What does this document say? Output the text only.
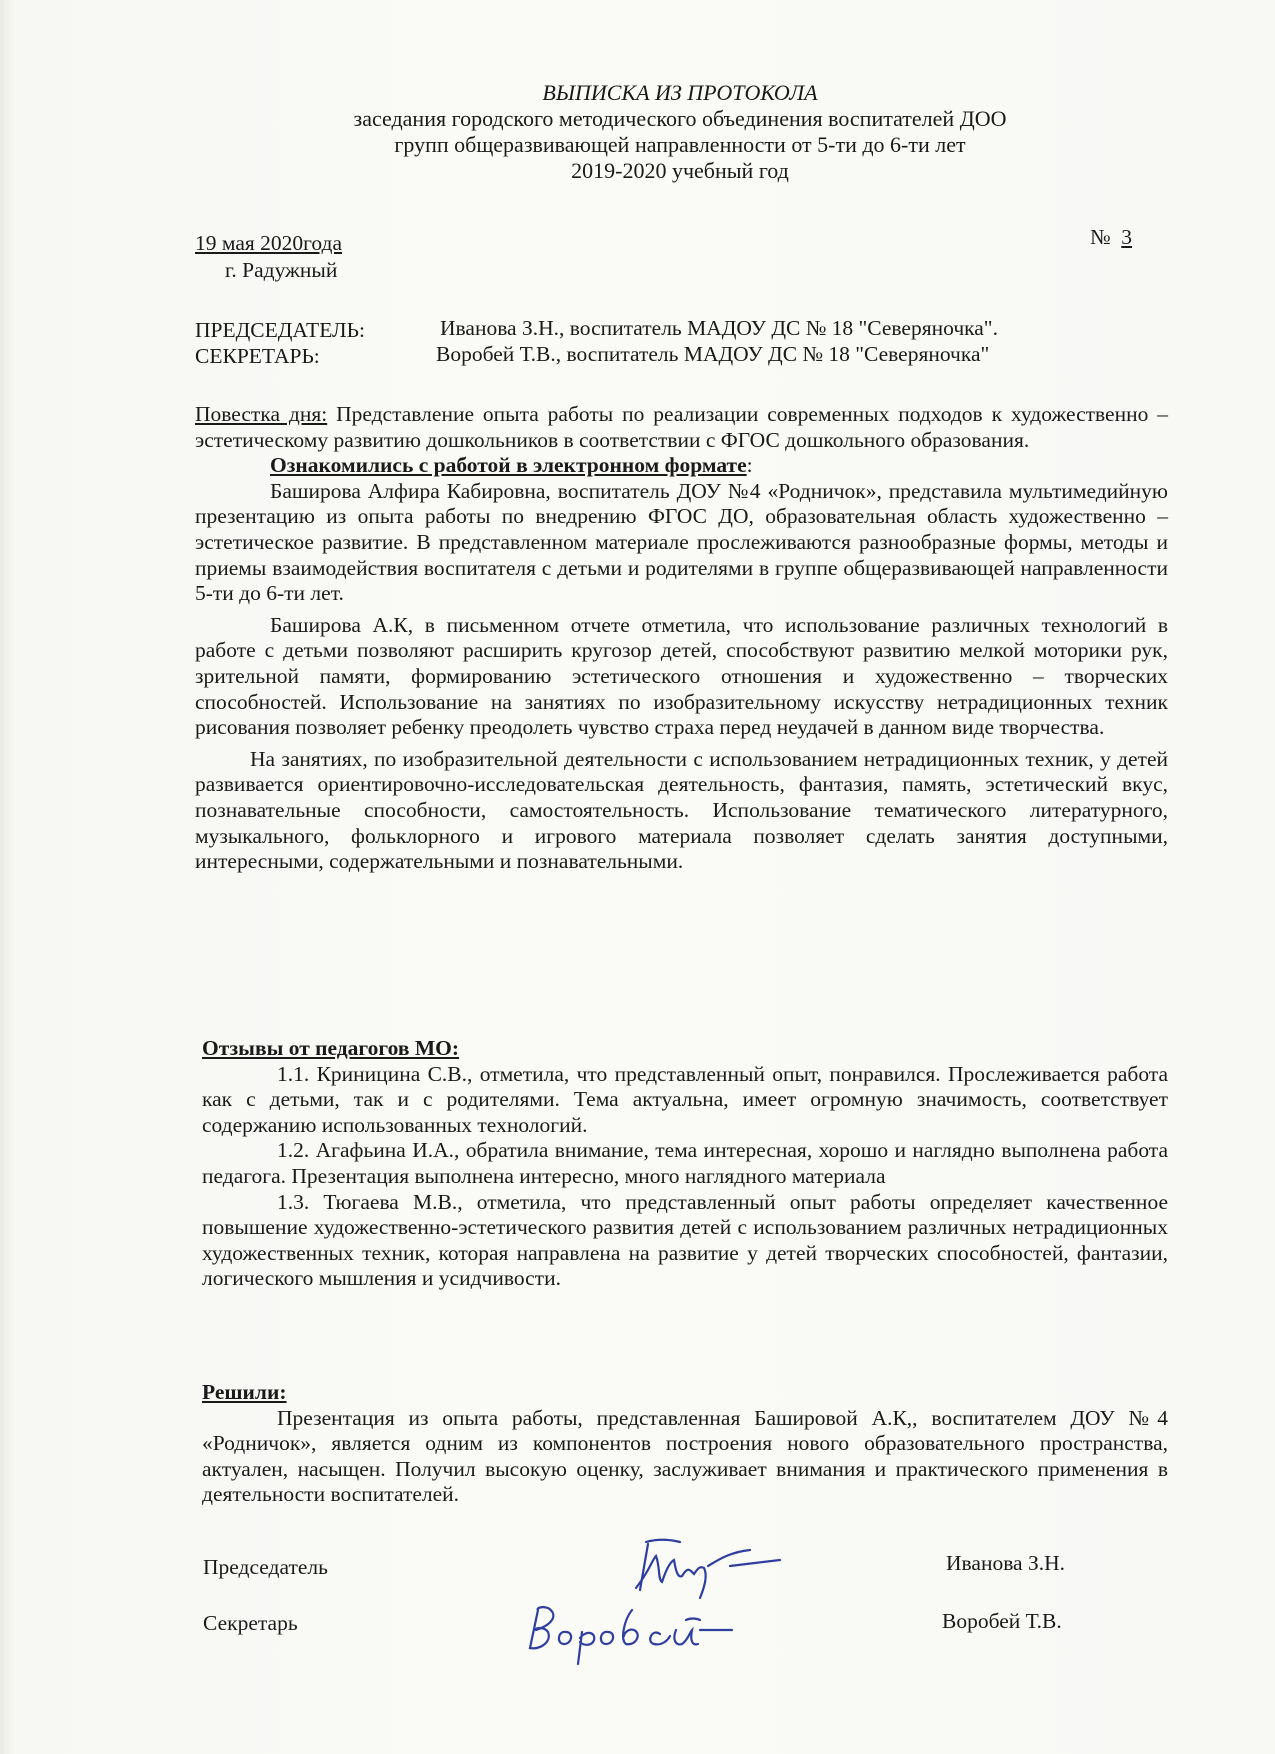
ВЫПИСКА ИЗ ПРОТОКОЛА
заседания городского методического объединения воспитателей ДОО
групп общеразвивающей направленности от 5-ти до 6-ти лет
2019-2020 учебный год
19 мая 2020года	№ 3
г. Радужный
ПРЕДСЕДАТЕЛЬ:	Иванова З.Н., воспитатель МАДОУ ДС № 18 "Северяночка".
СЕКРЕТАРЬ:	Воробей Т.В., воспитатель МАДОУ ДС № 18 "Северяночка"

Повестка дня: Представление опыта работы по реализации современных подходов к художественно – эстетическому развитию дошкольников в соответствии с ФГОС дошкольного образования.

Ознакомились с работой в электронном формате:

Баширова Алфира Кабировна, воспитатель ДОУ №4 «Родничок», представила мультимедийную презентацию из опыта работы по внедрению ФГОС ДО, образовательная область художественно – эстетическое развитие. В представленном материале прослеживаются разнообразные формы, методы и приемы взаимодействия воспитателя с детьми и родителями в группе общеразвивающей направленности 5-ти до 6-ти лет.

Баширова А.К, в письменном отчете отметила, что использование различных технологий в работе с детьми позволяют расширить кругозор детей, способствуют развитию мелкой моторики рук, зрительной памяти, формированию эстетического отношения и художественно – творческих способностей. Использование на занятиях по изобразительному искусству нетрадиционных техник рисования позволяет ребенку преодолеть чувство страха перед неудачей в данном виде творчества.

На занятиях, по изобразительной деятельности с использованием нетрадиционных техник, у детей развивается ориентировочно-исследовательская деятельность, фантазия, память, эстетический вкус, познавательные способности, самостоятельность. Использование тематического литературного, музыкального, фольклорного и игрового материала позволяет сделать занятия доступными, интересными, содержательными и познавательными.

Отзывы от педагогов МО:

1.1. Криницина С.В., отметила, что представленный опыт, понравился. Прослеживается работа как с детьми, так и с родителями. Тема актуальна, имеет огромную значимость, соответствует содержанию использованных технологий.

1.2. Агафьина И.А., обратила внимание, тема интересная, хорошо и наглядно выполнена работа педагога. Презентация выполнена интересно, много наглядного материала

1.3. Тюгаева М.В., отметила, что представленный опыт работы определяет качественное повышение художественно-эстетического развития детей с использованием различных нетрадиционных художественных техник, которая направлена на развитие у детей творческих способностей, фантазии, логического мышления и усидчивости.

Решили:

Презентация из опыта работы, представленная Башировой А.К,, воспитателем ДОУ №4 «Родничок», является одним из компонентов построения нового образовательного пространства, актуален, насыщен. Получил высокую оценку, заслуживает внимания и практического применения в деятельности воспитателей.

Председатель	Иванова З.Н.
Секретарь	Воробей Т.В.
